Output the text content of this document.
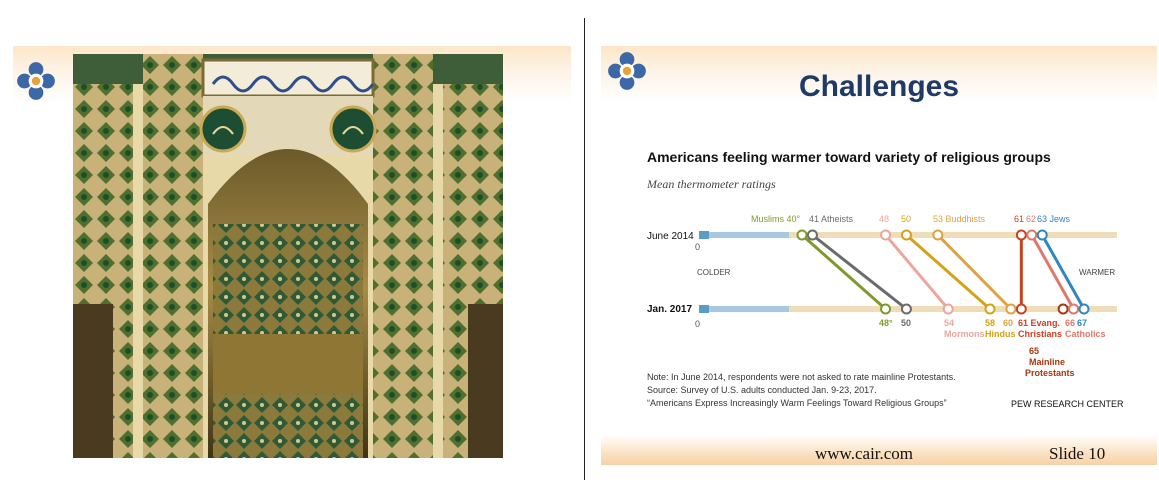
Challenges
Americans feeling warmer toward variety of religious groups
Mean thermometer ratings
June 2014
Jan. 2017
0
0
COLDER	WARMER
Note: In June 2014, respondents were not asked to rate mainline Protestants.
Source: Survey of U.S. adults conducted Jan. 9-23, 2017.
“Americans Express Increasingly Warm Feelings Toward Religious Groups”	PEW RESEARCH CENTER
Muslims 40° 41 Atheists	48 50 53 Buddhists	61 62 63 Jews
48° 50	54
Mormons
58
Hindus
60 61 Evang.
Christians
65
Mainline
Protestants
66
Catholics
67
www.cair.com	Slide 10
